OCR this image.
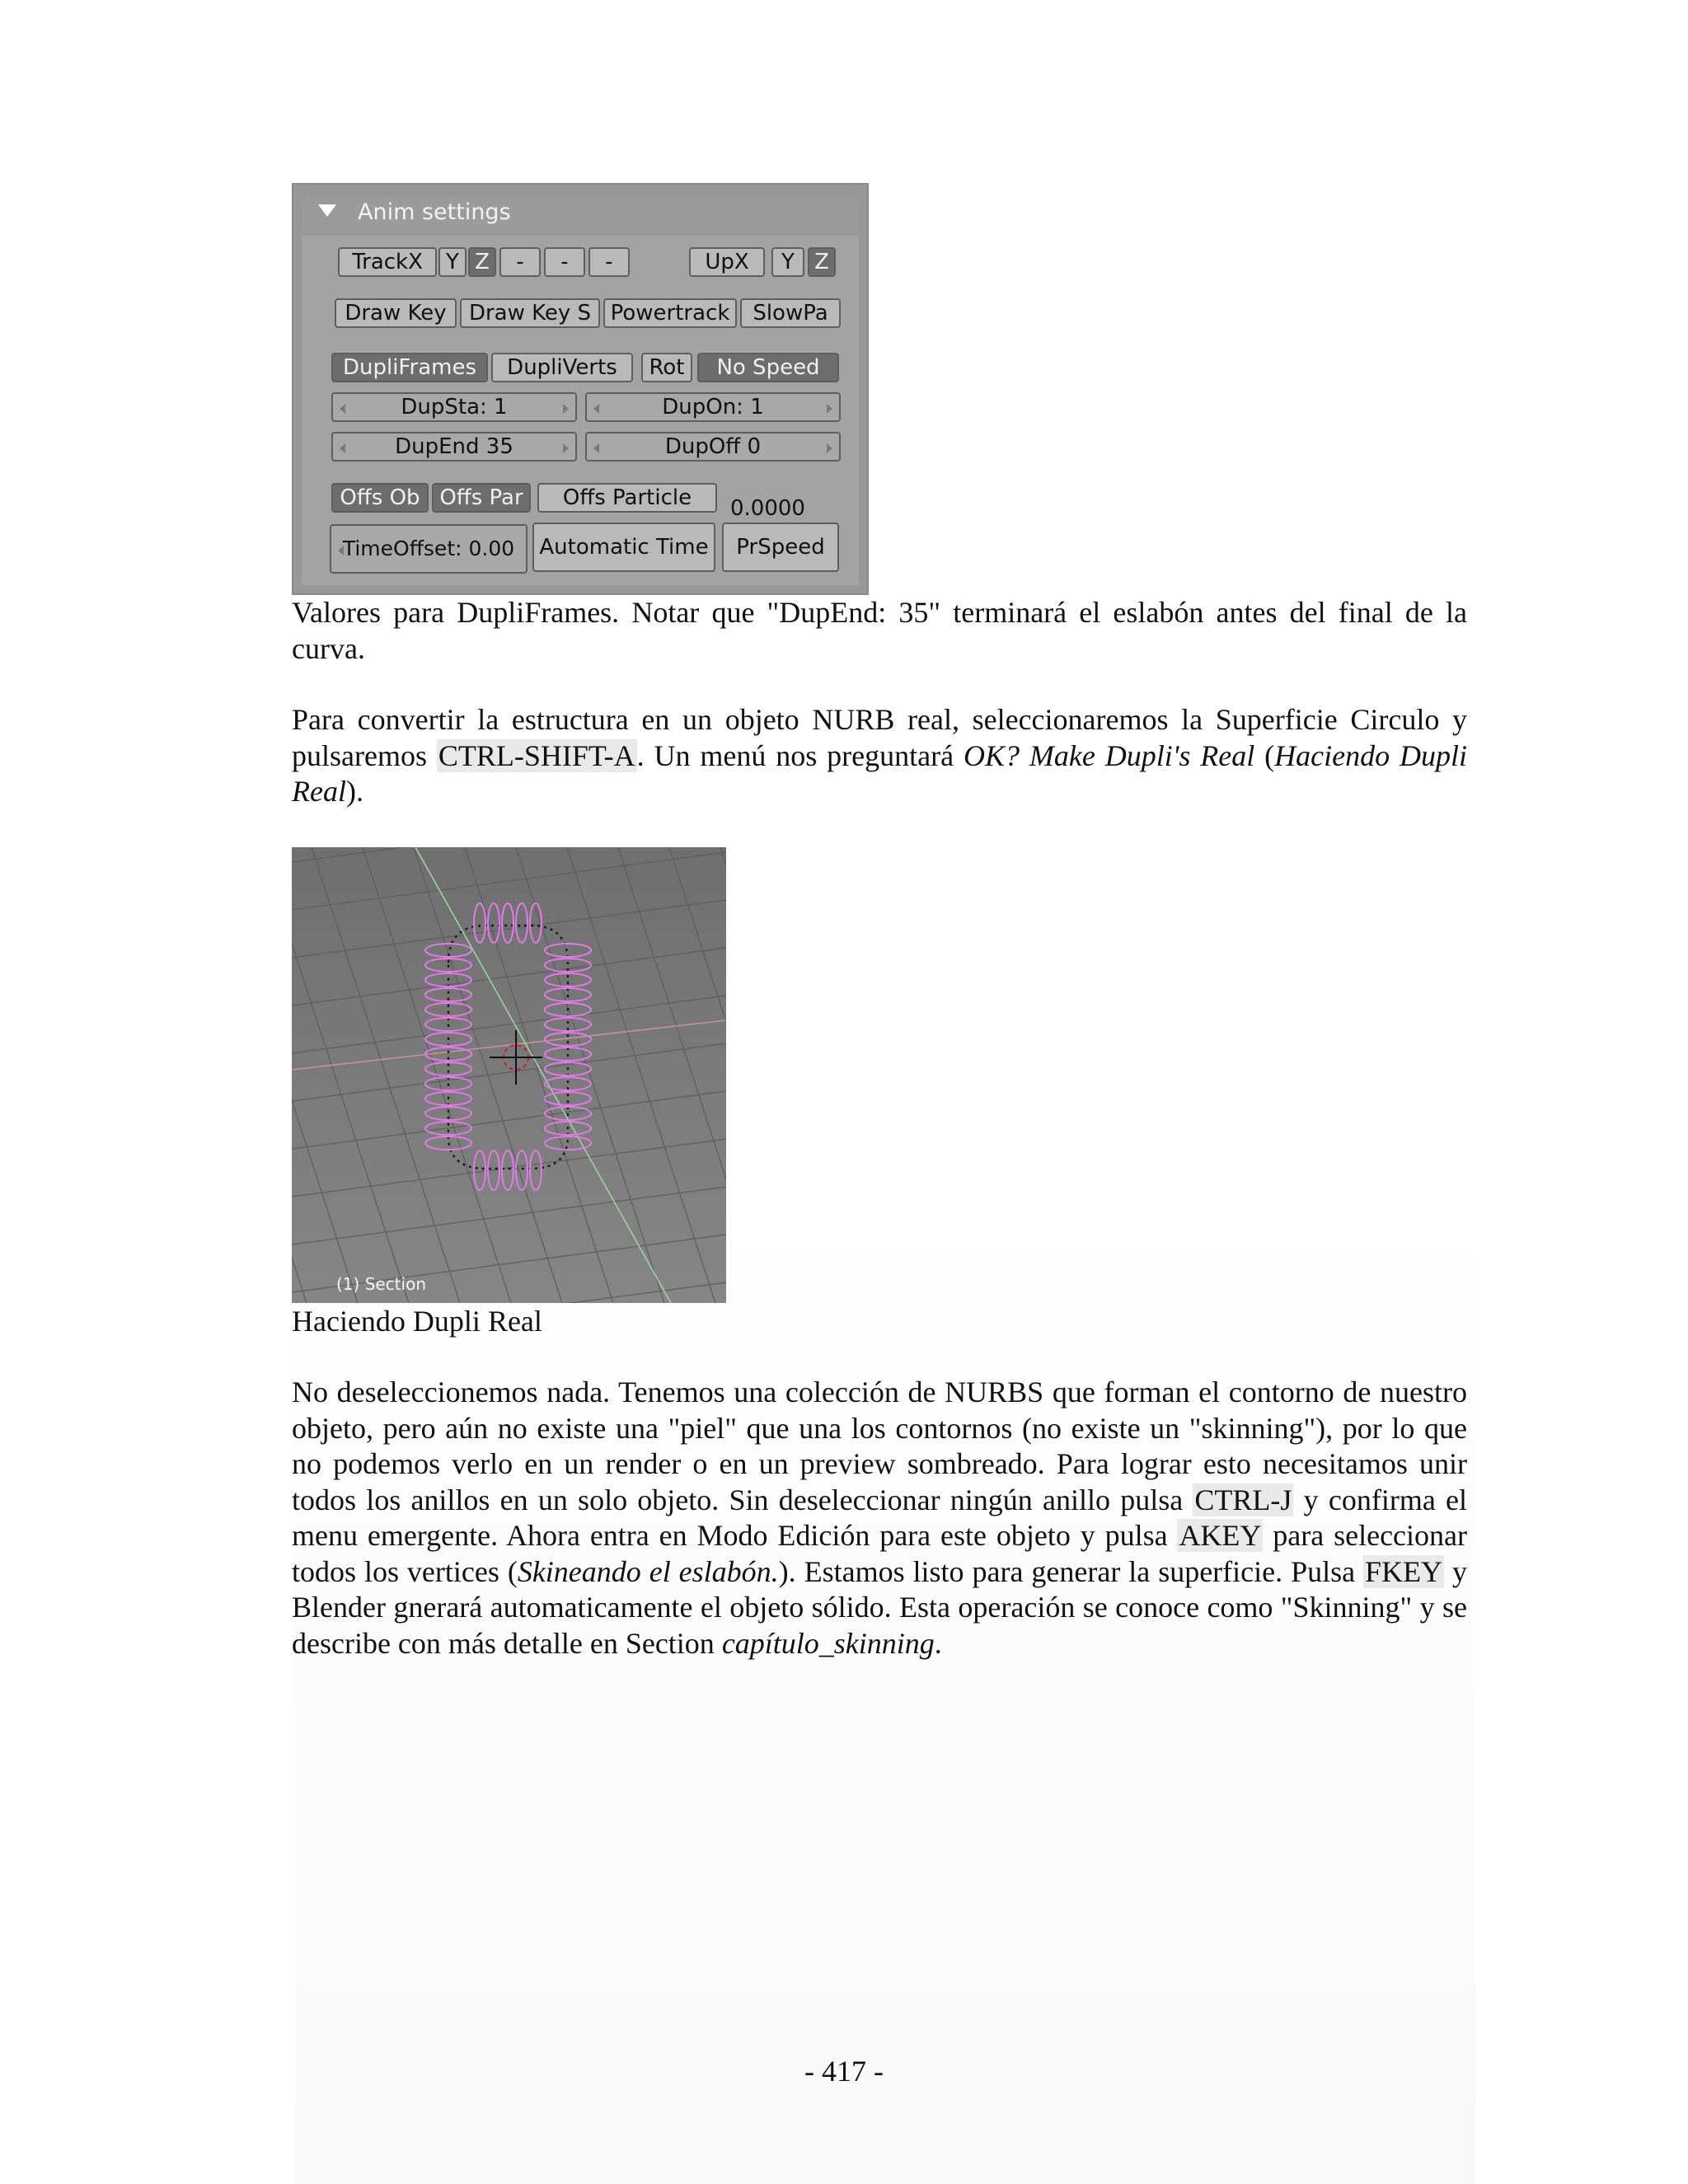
Anim settings
TrackX	Y Z	-	-	-	UpX	Y Z
Draw Key	Draw Key S Powertrack	SlowPa
DupliFrames	DupliVerts	Rot	No Speed
DupSta: 1	DupOn: 1
DupEnd 35	DupOff 0
Offs Ob Offs Par	Offs Particle	0.0000
TimeOffset: 0.00	Automatic Time	PrSpeed

Valores para DupliFrames. Notar que "DupEnd: 35" terminará el eslabón antes del final de la curva.

Para convertir la estructura en un objeto NURB real, seleccionaremos la Superficie Circulo y pulsaremos CTRL-SHIFT-A. Un menú nos preguntará OK? Make Dupli's Real (Haciendo Dupli Real).

(1) Section

Haciendo Dupli Real

No deseleccionemos nada. Tenemos una colección de NURBS que forman el contorno de nuestro objeto, pero aún no existe una "piel" que una los contornos (no existe un "skinning"), por lo que no podemos verlo en un render o en un preview sombreado. Para lograr esto necesitamos unir todos los anillos en un solo objeto. Sin deseleccionar ningún anillo pulsa CTRL-J y confirma el menu emergente. Ahora entra en Modo Edición para este objeto y pulsa AKEY para seleccionar todos los vertices (Skineando el eslabón.). Estamos listo para generar la superficie. Pulsa FKEY y Blender gnerará automaticamente el objeto sólido. Esta operación se conoce como "Skinning" y se describe con más detalle en Section capítulo_skinning.

- 417 -
